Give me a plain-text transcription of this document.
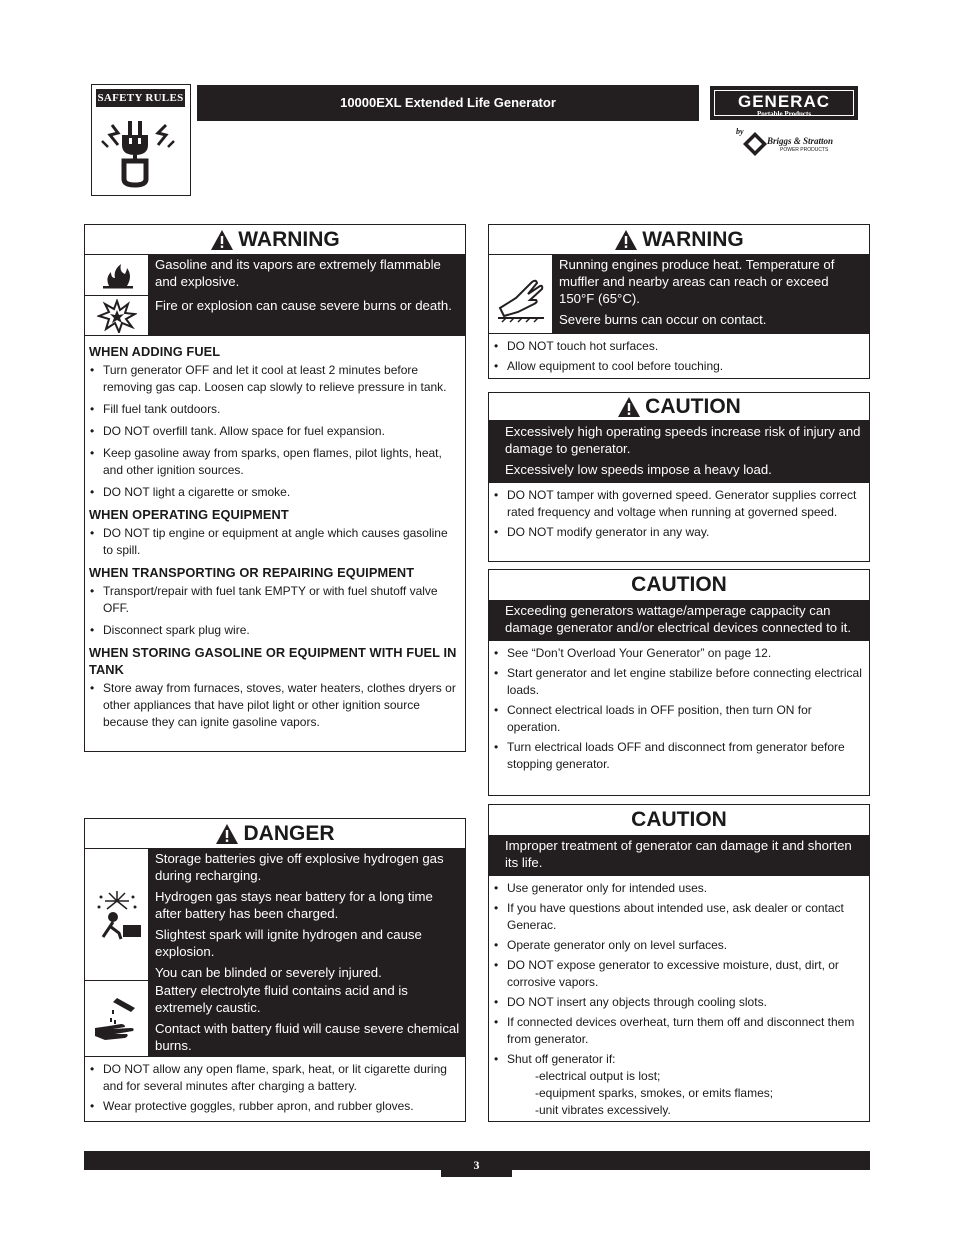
SAFETY RULES	10000EXL Extended Life Generator	GENERAC
Portable Products
by
Briggs & Stratton
POWER PRODUCTS
WARNING

Gasoline and its vapors are extremely flammable and explosive.

Fire or explosion can cause severe burns or death.

WHEN ADDING FUEL
• Turn generator OFF and let it cool at least 2 minutes before removing gas cap. Loosen cap slowly to relieve pressure in tank.
• Fill fuel tank outdoors.
• DO NOT overfill tank. Allow space for fuel expansion.
• Keep gasoline away from sparks, open flames, pilot lights, heat, and other ignition sources.
• DO NOT light a cigarette or smoke.
WHEN OPERATING EQUIPMENT
• DO NOT tip engine or equipment at angle which causes gasoline to spill.
WHEN TRANSPORTING OR REPAIRING EQUIPMENT
• Transport/repair with fuel tank EMPTY or with fuel shutoff valve OFF.
• Disconnect spark plug wire.
WHEN STORING GASOLINE OR EQUIPMENT WITH FUEL IN TANK
• Store away from furnaces, stoves, water heaters, clothes dryers or other appliances that have pilot light or other ignition source because they can ignite gasoline vapors.
WARNING

Running engines produce heat. Temperature of muffler and nearby areas can reach or exceed 150°F (65°C).

Severe burns can occur on contact.

• DO NOT touch hot surfaces.
• Allow equipment to cool before touching.
CAUTION

Excessively high operating speeds increase risk of injury and damage to generator.

Excessively low speeds impose a heavy load.

• DO NOT tamper with governed speed. Generator supplies correct rated frequency and voltage when running at governed speed.
• DO NOT modify generator in any way.
CAUTION

Exceeding generators wattage/amperage cappacity can damage generator and/or electrical devices connected to it.

• See “Don’t Overload Your Generator” on page 12.
• Start generator and let engine stabilize before connecting electrical loads.
• Connect electrical loads in OFF position, then turn ON for operation.
• Turn electrical loads OFF and disconnect from generator before stopping generator.
DANGER

Storage batteries give off explosive hydrogen gas during recharging.

Hydrogen gas stays near battery for a long time after battery has been charged.

Slightest spark will ignite hydrogen and cause explosion.

You can be blinded or severely injured.

Battery electrolyte fluid contains acid and is extremely caustic.

Contact with battery fluid will cause severe chemical burns.

• DO NOT allow any open flame, spark, heat, or lit cigarette during and for several minutes after charging a battery.
• Wear protective goggles, rubber apron, and rubber gloves.
CAUTION

Improper treatment of generator can damage it and shorten its life.

• Use generator only for intended uses.
• If you have questions about intended use, ask dealer or contact Generac.
• Operate generator only on level surfaces.
• DO NOT expose generator to excessive moisture, dust, dirt, or corrosive vapors.
• DO NOT insert any objects through cooling slots.
• If connected devices overheat, turn them off and disconnect them from generator.
• Shut off generator if:
-electrical output is lost;
-equipment sparks, smokes, or emits flames;
-unit vibrates excessively.
3
